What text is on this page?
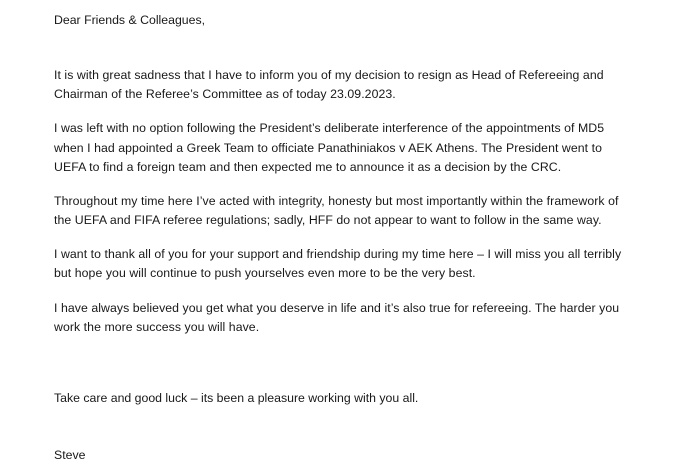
Dear Friends & Colleagues,

It is with great sadness that I have to inform you of my decision to resign as Head of Refereeing and Chairman of the Referee’s Committee as of today 23.09.2023.

I was left with no option following the President’s deliberate interference of the appointments of MD5 when I had appointed a Greek Team to officiate Panathiniakos v AEK Athens. The President went to UEFA to find a foreign team and then expected me to announce it as a decision by the CRC.

Throughout my time here I’ve acted with integrity, honesty but most importantly within the framework of the UEFA and FIFA referee regulations; sadly, HFF do not appear to want to follow in the same way.

I want to thank all of you for your support and friendship during my time here – I will miss you all terribly but hope you will continue to push yourselves even more to be the very best.

I have always believed you get what you deserve in life and it’s also true for refereeing. The harder you work the more success you will have.

Take care and good luck – its been a pleasure working with you all.

Steve
